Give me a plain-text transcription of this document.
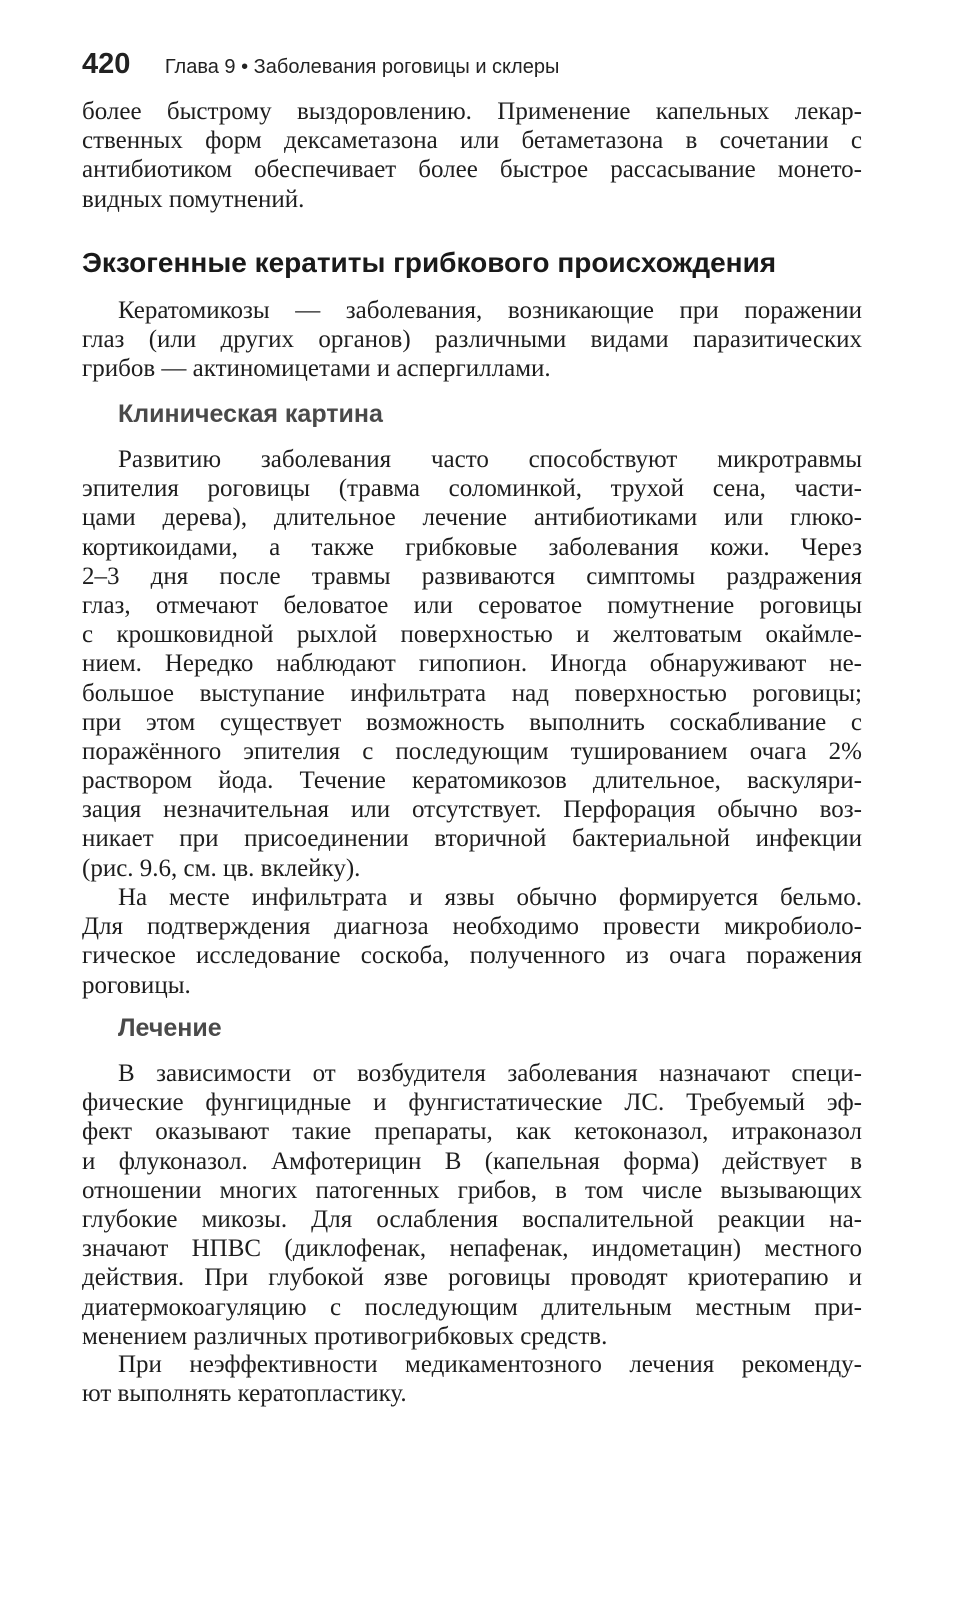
420 Глава 9 • Заболевания роговицы и склеры
более быстрому выздоровлению. Применение капельных лекар-
ственных форм дексаметазона или бетаметазона в сочетании с
антибиотиком обеспечивает более быстрое рассасывание монето-
видных помутнений.
Экзогенные кератиты грибкового происхождения
Кератомикозы — заболевания, возникающие при поражении
глаз (или других органов) различными видами паразитических
грибов — актиномицетами и аспергиллами.
Клиническая картина
Развитию заболевания часто способствуют микротравмы
эпителия роговицы (травма соломинкой, трухой сена, части-
цами дерева), длительное лечение антибиотиками или глюко-
кортикоидами, а также грибковые заболевания кожи. Через
2–3 дня после травмы развиваются симптомы раздражения
глаз, отмечают беловатое или сероватое помутнение роговицы
с крошковидной рыхлой поверхностью и желтоватым окаймле-
нием. Нередко наблюдают гипопион. Иногда обнаруживают не-
большое выступание инфильтрата над поверхностью роговицы;
при этом существует возможность выполнить соскабливание с
поражённого эпителия с последующим тушированием очага 2%
раствором йода. Течение кератомикозов длительное, васкуляри-
зация незначительная или отсутствует. Перфорация обычно воз-
никает при присоединении вторичной бактериальной инфекции
(рис. 9.6, см. цв. вклейку).
На месте инфильтрата и язвы обычно формируется бельмо.
Для подтверждения диагноза необходимо провести микробиоло-
гическое исследование соскоба, полученного из очага поражения
роговицы.
Лечение
В зависимости от возбудителя заболевания назначают специ-
фические фунгицидные и фунгистатические ЛС. Требуемый эф-
фект оказывают такие препараты, как кетоконазол, итраконазол
и флуконазол. Амфотерицин B (капельная форма) действует в
отношении многих патогенных грибов, в том числе вызывающих
глубокие микозы. Для ослабления воспалительной реакции на-
значают НПВС (диклофенак, непафенак, индометацин) местного
действия. При глубокой язве роговицы проводят криотерапию и
диатермокоагуляцию с последующим длительным местным при-
менением различных противогрибковых средств.
При неэффективности медикаментозного лечения рекоменду-
ют выполнять кератопластику.
